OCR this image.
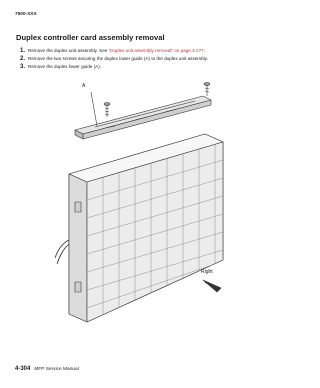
7500-XXX
Duplex controller card assembly removal
1. Remove the duplex unit assembly. See “Duplex unit assembly removal” on page 4-277.
2. Remove the two screws securing the duplex lower guide (A) to the duplex unit assembly.
3. Remove the duplex lower guide (A).
A
Right
4-304 MFP Service Manual
